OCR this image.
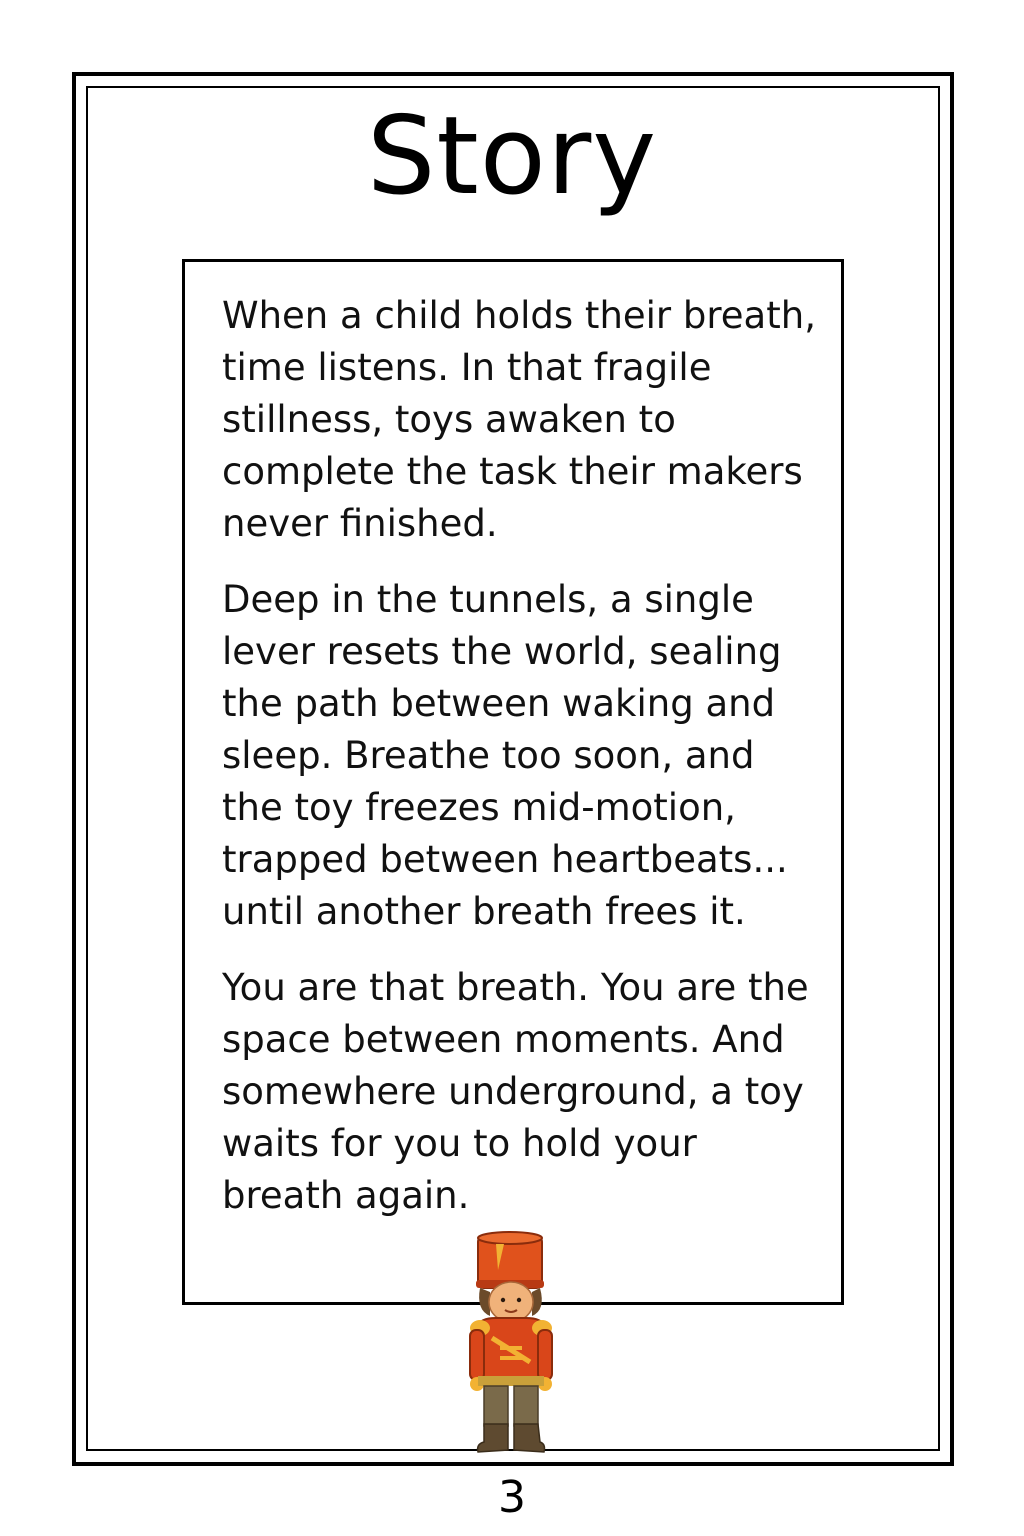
Story

When a child holds their breath, time listens. In that fragile stillness, toys awaken to complete the task their makers never finished.

Deep in the tunnels, a single lever resets the world, sealing the path between waking and sleep. Breathe too soon, and the toy freezes mid-motion, trapped between heartbeats... until another breath frees it.

You are that breath. You are the space between moments. And somewhere underground, a toy waits for you to hold your breath again.

3
